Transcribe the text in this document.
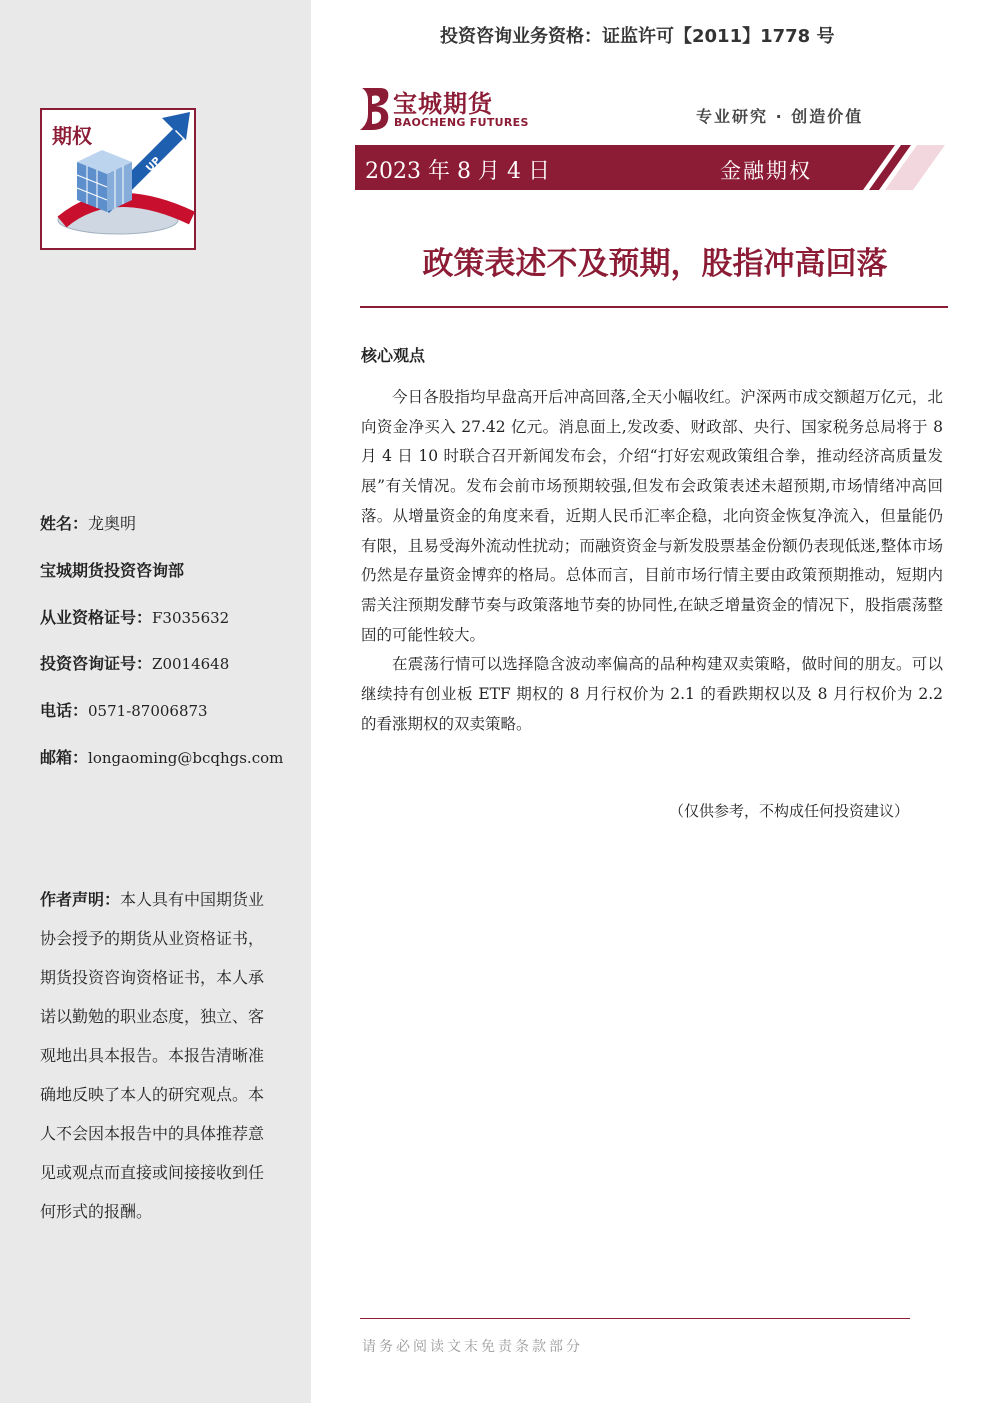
UP
期权
姓名：龙奥明
宝城期货投资咨询部
从业资格证号：F3035632
投资咨询证号：Z0014648
电话：0571-87006873
邮箱：longaoming@bcqhgs.com
作者声明：本人具有中国期货业协会授予的期货从业资格证书，期货投资咨询资格证书，本人承诺以勤勉的职业态度，独立、客观地出具本报告。本报告清晰准确地反映了本人的研究观点。本人不会因本报告中的具体推荐意见或观点而直接或间接接收到任何形式的报酬。
投资咨询业务资格：证监许可【2011】1778 号
宝城期货
BAOCHENG FUTURES	专业研究 · 创造价值
2023 年 8 月 4 日	金融期权
政策表述不及预期，股指冲高回落
核心观点

今日各股指均早盘高开后冲高回落,全天小幅收红。沪深两市成交额超万亿元，北向资金净买入 27.42 亿元。消息面上,发改委、财政部、央行、国家税务总局将于 8 月 4 日 10 时联合召开新闻发布会，介绍“打好宏观政策组合拳，推动经济高质量发展”有关情况。发布会前市场预期较强,但发布会政策表述未超预期,市场情绪冲高回落。从增量资金的角度来看，近期人民币汇率企稳，北向资金恢复净流入，但量能仍有限，且易受海外流动性扰动；而融资资金与新发股票基金份额仍表现低迷,整体市场仍然是存量资金博弈的格局。总体而言，目前市场行情主要由政策预期推动，短期内需关注预期发酵节奏与政策落地节奏的协同性,在缺乏增量资金的情况下，股指震荡整固的可能性较大。

在震荡行情可以选择隐含波动率偏高的品种构建双卖策略，做时间的朋友。可以继续持有创业板 ETF 期权的 8 月行权价为 2.1 的看跌期权以及 8 月行权价为 2.2 的看涨期权的双卖策略。

（仅供参考，不构成任何投资建议）
请务必阅读文末免责条款部分
